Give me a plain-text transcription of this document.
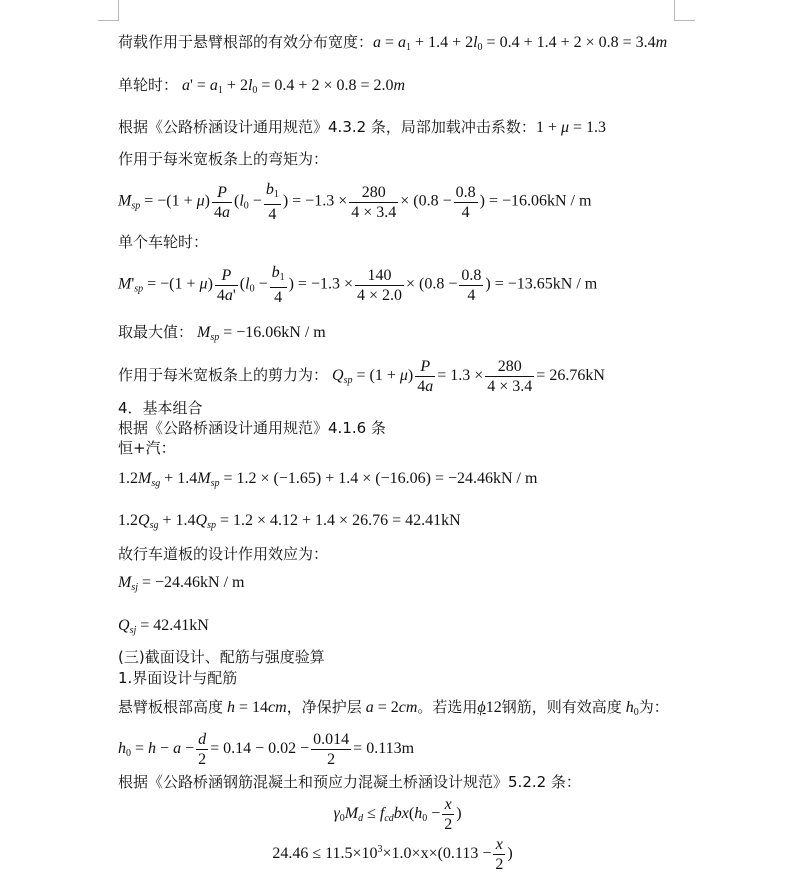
荷载作用于悬臂根部的有效分布宽度：$a = a_1 + 1.4 + 2l_0 = 0.4 + 1.4 + 2 \times 0.8 = 3.4m$
单轮时： $a' = a_1 + 2l_0 = 0.4 + 2 \times 0.8 = 2.0m$
根据《公路桥涵设计通用规范》4.3.2 条，局部加载冲击系数：1 + μ = 1.3
作用于每米宽板条上的弯矩为：
$M_{sp} = -(1 + \mu) \frac{P}{4a} (l_0 - \frac{b_1}{4}$ ) = $-1.3 \times \frac{280}{4 \times 3.4} \times (0.8 - \frac{0.8}{4}$ ) = −16.06kN / m
单个车轮时：
$M'_{sp} = -(1 + \mu) \frac{P}{4a'} (l_0 - \frac{b_1}{4}$ ) = $-1.3 \times \frac{140}{4 \times 2.0} \times (0.8 - \frac{0.8}{4}$ ) = −13.65kN / m
取最大值： $M_{sp} = -16.06kN / m$
作用于每米宽板条上的剪力为： $Q_{sp} = (1 + \mu) \frac{P}{4a} = 1.3 \times \frac{280}{4 \times 3.4} = 26.76kN$
4．基本组合
根据《公路桥涵设计通用规范》4.1.6 条
恒+汽：
$1.2M_{sg} + 1.4M_{sp} = 1.2 \times (-1.65) + 1.4 \times (-16.06) = -24.46kN / m$
$1.2Q_{sg} + 1.4Q_{sp} = 1.2 \times 4.12 + 1.4 \times 26.76 = 42.41kN$
故行车道板的设计作用效应为：
$M_{sj} = -24.46kN / m$
$Q_{sj} = 42.41kN$
(三)截面设计、配筋与强度验算
1.界面设计与配筋
悬臂板根部高度 h = 14cm，净保护层 a = 2cm。若选用ϕ12钢筋，则有效高度 $h_0$为：
$h_0 = h - a - \frac{d}{2} = 0.14 - 0.02 - \frac{0.014}{2} = 0.113m$
根据《公路桥涵钢筋混凝土和预应力混凝土桥涵设计规范》5.2.2 条：
$\gamma_0M_d \le f_{cd}bx(h_0 - \frac{x}{2}$ )
$24.46 \le 11.5\times 10^3\times 1.0\times x\times(0.113 - \frac{x}{2}$ )
